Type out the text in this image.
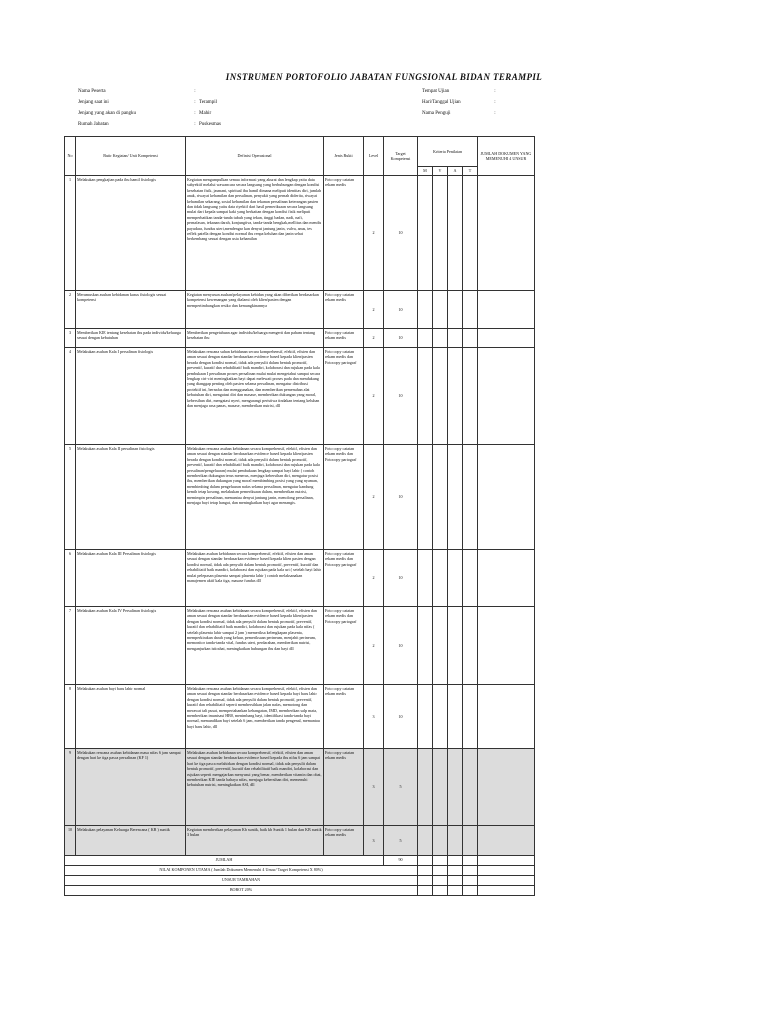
INSTRUMEN PORTOFOLIO JABATAN FUNGSIONAL BIDAN TERAMPIL
Nama Peserta	:
Jenjang saat ini	: Terampil
Jenjang yang akan di pangku	: Mahir
Rumah Jabatan	: Puskesmas
Tempat Ujian	:
Hari/Tanggal Ujian	:
Nama Penguji	:
No	Butir Kegiatan/ Unit Kompetensi	Definisi Operasional	Jenis Bukti	Level	Target Kompetensi	Kriteria Penilaian				JUMLAH DOKUMEN YANG MEMENUHI 4 UNSUR
						M	V	A	T	
1	Melakukan pengkajian pada ibu hamil fisiologis	Kegiatan mengumpulkan semua informasi yang akurat dan lengkap yaitu data subyektif melalui wawancara secara langsung yang berhubungan dengan kondisi kesehatan fisik, jasmani, spiritual ibu hamil dimana meliputi identitas diri, jumlah anak, riwayat kehamilan dan persalinan, penyakit yang pernah diderita, riwayat kehamilan sekarang, sosial kehamilan dan tekanan persalinan keterangan pasien dan tidak langsung yaitu data riyektif dari hasil pemeriksaan secara langsung mulai dari kepala sampai kaki yang berkaitan dengan kondisi fisik meliputi memperhatikan tanda-tanda tubuh yang tekan, tinggi badan, nadi, nafi, pernafasan, tekanan darah, konjungtiva, tanda-tanda bengkak,mellitus dan mendis payudara, fundus uteri,mendengar kan denyut jantung janin, vulva, anus, tes reflek patella dengan kondisi normal ibu renpa keluhan dan janin sehat berkembang sesuai dengan usia kehamilan	Foto copy catatan rekam medis	2	10					
2	Merumuskan asuhan kebidanan kasus fisiologis sesuai kompetensi	Kegiatan menyusun asuhan/pelayanan kebidan yang akan diberikan berdasarkan kompetensi kewenangan yang dialami oleh klien/pasien dengan mempertimbangkan resiko dan kemungkinannya	Foto copy catatan rekam medis	2	10					
3	Memberikan KIE tentang kesehatan ibu pada individu/keluarga sesuai dengan kebutuhan	Memberikan pengetahuan agar individu/keluarga mengerti dan paham tentang kesehatan ibu	Foto copy catatan rekam medis	2	10					
4	Melakukan asuhan Kala I persalinan fisiologis	Melakukan rencana suhan kebidanan secara komprehensif, efektif, efisien dan aman sesuai dengan standar berdasarkan evidence based kepada klien/pasien berada dengan kondisi normal, tidak ada penyulit dalam bentuk promotif, preventif, kuratif dan rehabilitatif baik mandiri, kolaborasi dan rujukan pada kala pembukaan I persalinan proses persalinan mulai mulai mengetahui sampai secara lengkap ciri-ciri meningkatkan bayi dapat melewati proses pada dan mendukung yang dianggap penting oleh pasien selama persalinan, mengatur distribusi protektif ini, bernafas dan menggunakan, dan memberikan pemenuhan alat kebutuhan diri, mengatasi diri dan masase, memberikan dukungan yang moral, kebersihan diri, mengatasi nyeri, mengurangi peristiwa tindakan tentang keluhan dan menjaga rasa panas, masase, memberikan nutrisi, dll	Foto copy catatan rekam medis dan Fotocopy partograf	2	10					
5	Melakukan asuhan Kala II persalinan fisiologis	Melakukan rencana asuhan kebidanan secara komprehensif, efektif, efisien dan aman sesuai dengan standar berdasarkan evidence based kepada klien/pasien berada dengan kondisi normal, tidak ada penyulit dalam bentuk promotif, preventif, kuratif dan rehabilitatif baik mandiri, kolaborasi dan rujukan pada kala persalinan/pengeluaran) mulai pembukaan lengkap sampai bayi lahir ( contoh memberikan dukungan terus menerus, menjaga kebersihan diri, mengatur posisi ibu, memberikan dukungan yang moral membimbing posisi yang yang nyaman, membimbing dalam pengeluaran nafas selama persalinan, mengatur kandung kemih tetap kosong, melakukan pemeriksaan dalam, memberikan nutrisi, memimpin persalinan, memantau denyut jantung janin, menolong persalinan, menjaga bayi tetap hangat, dan meningkatkan bayi agar menangis.	Foto copy catatan rekam medis dan Fotocopy partograf	2	10					
6	Melakukan asuhan Kala III Persalinan fisiologis	Melakukan asuhan kebidanan secara komprehensif, efektif, efisien dan aman sesuai dengan standar berdasarkan evidence based kepada klien pasien dengan kondisi normal, tidak ada penyulit dalam bentuk promotif, preventif, kuratif dan rehabilitatif baik mandiri, kolaborasi dan rujukan pada kala uri ( setelah bayi lahir mulai pelepasan plasenta sampai plasenta lahir ) contoh melaksanakan manajemen aktif kala tiga, masase fundus dll	Foto copy catatan rekam medis dan Fotocopy partograf	2	10					
7	Melakukan asuhan Kala IV Persalinan fisiologis	Melakukan rencana asuhan kebidanan secara komprehensif, efektif, efisien dan aman sesuai dengan standar berdasarkan evidence based kepada klien/pasien dengan kondisi normal, tidak ada penyulit dalam bentuk promotif, preventif, kuratif dan rehabilitatif baik mandiri, kolaborasi dan rujukan pada kala nifas ( setelah plasenta lahir sampai 2 jam ) memeriksa kelengkapan plasenta, memperkirakan darah yang keluar, pemeriksaan perineum, menjahit perineum, memonitor tanda-tanda vital, fundus uteri, perdarahan, memberikan nutrisi, menganjurkan istirahat, meningkatkan hubungan ibu dan bayi dll	Foto copy catatan rekam medis dan Fotocopy partograf	2	10					
8	Melakukan asuhan bayi baru lahir normal	Melakukan rencana asuhan kebidanan secara komprehensif, efektif, efisien dan aman sesuai dengan standar berdasarkan evidence based kepada bayi baru lahir dengan kondisi normal, tidak ada penyulit dalam bentuk promotif, preventif, kuratif dan rehabilitatif seperti membersihkan jalan nafas, memotong dan merawat tali pusat, mempertahankan kehangatan, IMD, memberikan salp mata, memberikan imunisasi HB0, menimbang bayi, identifikasi tanda-tanda bayi normal, memandikan bayi setelah 6 jam, memberikan tanda pengenal, memantau bayi baru lahir, dll	Foto copy catatan rekam medis	3	10					
9	Melakukan rencana asuhan kebidanan masa nifas 6 jam sampai dengan hari ke tiga pasca persalinan (KF 1)	Melakukan asuhan kebidanan secara komprehensif, efektif, efisien dan aman sesuai dengan standar berdasarkan evidence based kepada ibu nifas 6 jam sampai hari ke tiga pasca melahirkan dengan kondisi normal, tidak ada penyulit dalam bentuk promotif, preventif, kuratif dan rehabilitatif baik mandiri, kolaborasi dan rujukan seperti mengajarkan menyusui yang benar, memberikan vitamin dan obat, memberikan KIE tanda bahaya nifas, menjaga kebersihan diri, memenuhi kebutuhan nutrisi, meningkatkan ASI, dll	Foto copy catatan rekam medis	3	5					
10	Melakukan pelayanan Keluarga Berencana ( KB ) suntik	Kegiatan memberikan pelayanan Kb suntik, baik kb Suntik 1 bulan dan KB suntik 3 bulan	Foto copy catatan rekam medis	3	5					
JUMLAH					90					
NILAI KOMPONEN UTAMA ( Jumlah Dokumen Memenuhi 4 Unsur/ Target Kompetensi X 80%)										
UNSUR TAMBAHAN										
BOBOT 20%										
